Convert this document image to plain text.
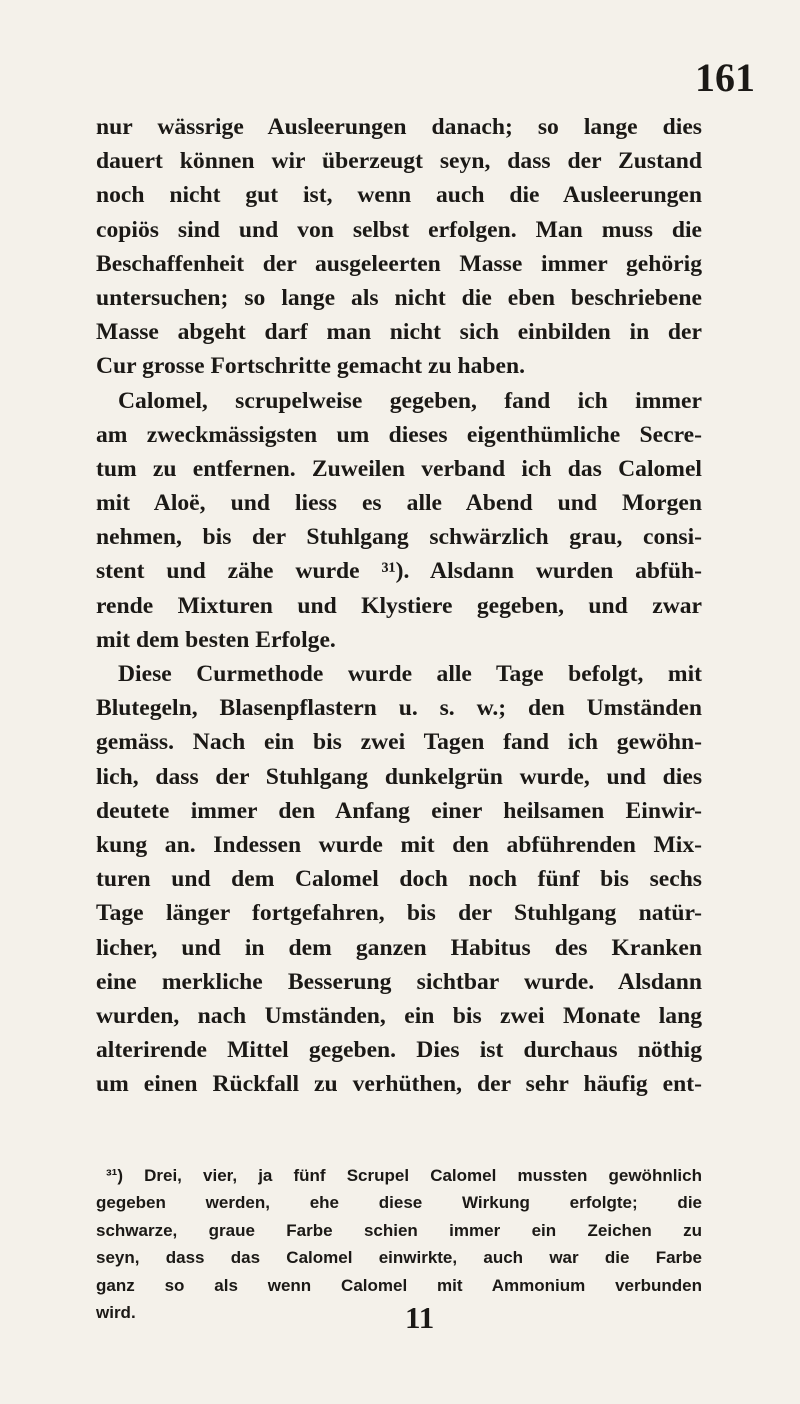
161
nur wässrige Ausleerungen danach; so lange dies
dauert können wir überzeugt seyn, dass der Zustand
noch nicht gut ist, wenn auch die Ausleerungen
copiös sind und von selbst erfolgen. Man muss die
Beschaffenheit der ausgeleerten Masse immer gehörig
untersuchen; so lange als nicht die eben beschriebene
Masse abgeht darf man nicht sich einbilden in der
Cur grosse Fortschritte gemacht zu haben.
Calomel, scrupelweise gegeben, fand ich immer
am zweckmässigsten um dieses eigenthümliche Secre-
tum zu entfernen. Zuweilen verband ich das Calomel
mit Aloë, und liess es alle Abend und Morgen
nehmen, bis der Stuhlgang schwärzlich grau, consi-
stent und zähe wurde ³¹). Alsdann wurden abfüh-
rende Mixturen und Klystiere gegeben, und zwar
mit dem besten Erfolge.
Diese Curmethode wurde alle Tage befolgt, mit
Blutegeln, Blasenpflastern u. s. w.; den Umständen
gemäss. Nach ein bis zwei Tagen fand ich gewöhn-
lich, dass der Stuhlgang dunkelgrün wurde, und dies
deutete immer den Anfang einer heilsamen Einwir-
kung an. Indessen wurde mit den abführenden Mix-
turen und dem Calomel doch noch fünf bis sechs
Tage länger fortgefahren, bis der Stuhlgang natür-
licher, und in dem ganzen Habitus des Kranken
eine merkliche Besserung sichtbar wurde. Alsdann
wurden, nach Umständen, ein bis zwei Monate lang
alterirende Mittel gegeben. Dies ist durchaus nöthig
um einen Rückfall zu verhüthen, der sehr häufig ent-
³¹) Drei, vier, ja fünf Scrupel Calomel mussten gewöhnlich
gegeben werden, ehe diese Wirkung erfolgte; die
schwarze, graue Farbe schien immer ein Zeichen zu
seyn, dass das Calomel einwirkte, auch war die Farbe
ganz so als wenn Calomel mit Ammonium verbunden
wird.	11
